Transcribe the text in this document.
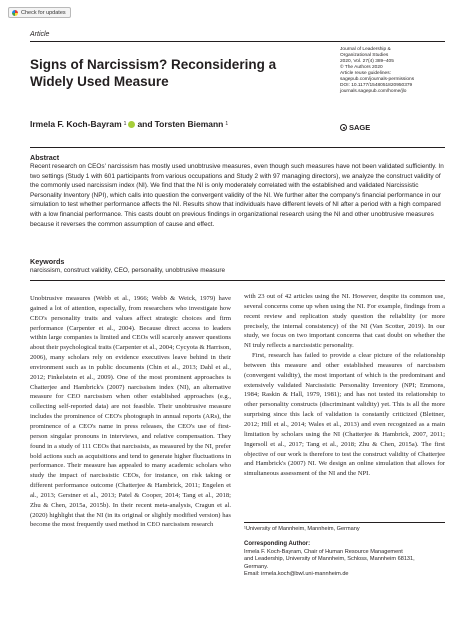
Check for updates
Article
Signs of Narcissism? Reconsidering a Widely Used Measure
Journal of Leadership &
Organizational Studies
2020, Vol. 27(4) 389–405
© The Authors 2020
Article reuse guidelines:
sagepub.com/journals-permissions
DOI: 10.1177/1548051820950379
journals.sagepub.com/home/jlo
SAGE
Irmela F. Koch-Bayram 1 and Torsten Biemann 1
Abstract

Recent research on CEOs' narcissism has mostly used unobtrusive measures, even though such measures have not been validated sufficiently. In two settings (Study 1 with 601 participants from various occupations and Study 2 with 97 managing directors), we analyze the construct validity of the commonly used narcissism index (NI). We find that the NI is only moderately correlated with the established and validated Narcissistic Personality Inventory (NPI), which calls into question the convergent validity of the NI. We further alter the company's financial performance in our simulation to test whether performance affects the NI. Results show that individuals have different levels of NI after a period with a high compared with a low financial performance. This casts doubt on previous findings in organizational research using the NI and other unobtrusive measures because it reverses the common assumption of cause and effect.

Keywords
narcissism, construct validity, CEO, personality, unobtrusive measure

Unobtrusive measures (Webb et al., 1966; Webb & Weick, 1979) have gained a lot of attention, especially, from researchers who investigate how CEO's personality traits and values affect strategic choices and firm performance (Carpenter et al., 2004). Because direct access to leaders within large companies is limited and CEOs will scarcely answer questions about their psychological traits (Carpenter et al., 2004; Cycyota & Harrison, 2006), many scholars rely on evidence executives leave behind in their environment such as in public documents (Chin et al., 2013; Dahl et al., 2012; Finkelstein et al., 2009). One of the most prominent approaches is Chatterjee and Hambrick's (2007) narcissism index (NI), an alternative measure for CEO narcissism when other established approaches (e.g., collecting self-reported data) are not feasible. Their unobtrusive measure includes the prominence of CEO's photograph in annual reports (ARs), the prominence of a CEO's name in press releases, the CEO's use of first-person singular pronouns in interviews, and relative compensation. They found in a study of 111 CEOs that narcissists, as measured by the NI, prefer bold actions such as acquisitions and tend to generate higher fluctuations in performance. Their measure has appealed to many academic scholars who study the impact of narcissistic CEOs, for instance, on risk taking or different performance outcome (Chatterjee & Hambrick, 2011; Engelen et al., 2013; Gerstner et al., 2013; Patel & Cooper, 2014; Tang et al., 2018; Zhu & Chen, 2015a, 2015b). In their recent meta-analysis, Cragun et al. (2020) highlight that the NI (in its original or slightly modified version) has become the most frequently used method in CEO narcissism research

with 23 out of 42 articles using the NI. However, despite its common use, several concerns come up when using the NI. For example, findings from a recent review and replication study question the reliability (or more precisely, the internal consistency) of the NI (Van Scotter, 2019). In our study, we focus on two important concerns that cast doubt on whether the NI truly reflects a narcissistic personality.

First, research has failed to provide a clear picture of the relationship between this measure and other established measures of narcissism (convergent validity), the most important of which is the predominant and extensively validated Narcissistic Personality Inventory (NPI; Emmons, 1984; Raskin & Hall, 1979, 1981); and has not tested its relationship to other personality constructs (discriminant validity) yet. This is all the more surprising since this lack of validation is constantly criticized (Blettner, 2012; Hill et al., 2014; Wales et al., 2013) and even recognized as a main limitation by scholars using the NI (Chatterjee & Hambrick, 2007, 2011; Ingersoll et al., 2017; Tang et al., 2018; Zhu & Chen, 2015a). The first objective of our work is therefore to test the construct validity of Chatterjee and Hambrick's (2007) NI. We design an online simulation that allows for simultaneous assessment of the NI and the NPI.

¹University of Mannheim, Mannheim, Germany
Corresponding Author:
Irmela F. Koch-Bayram, Chair of Human Resource Management
and Leadership, University of Mannheim, Schloss, Mannheim 68131,
Germany.
Email: irmela.koch@bwl.uni-mannheim.de
